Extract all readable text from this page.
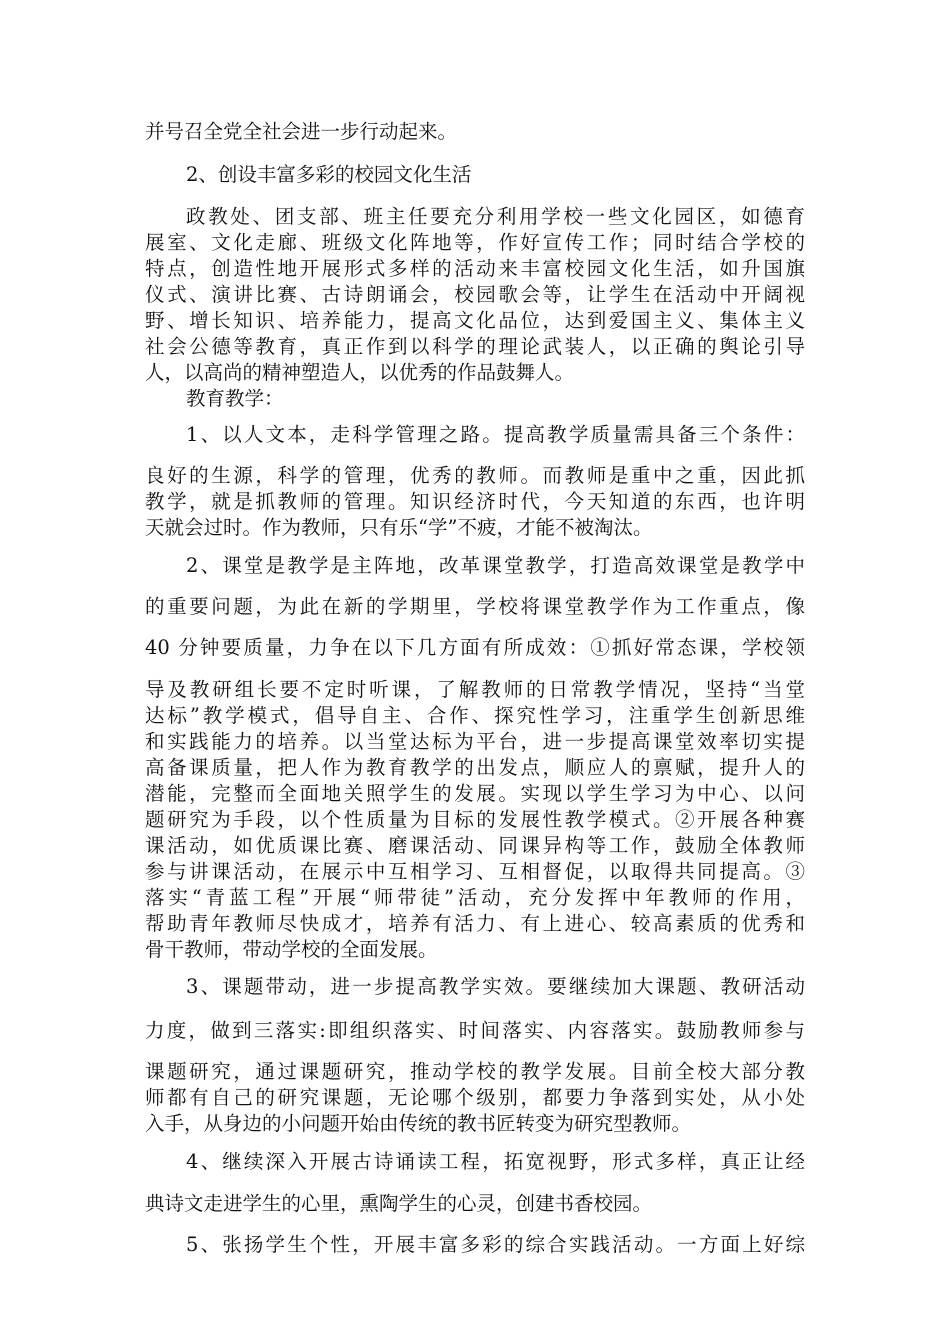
并号召全党全社会进一步行动起来。
2、创设丰富多彩的校园文化生活
政教处、团支部、班主任要充分利用学校一些文化园区，如德育
展室、文化走廊、班级文化阵地等，作好宣传工作；同时结合学校的
特点，创造性地开展形式多样的活动来丰富校园文化生活，如升国旗
仪式、演讲比赛、古诗朗诵会，校园歌会等，让学生在活动中开阔视
野、增长知识、培养能力，提高文化品位，达到爱国主义、集体主义
社会公德等教育，真正作到以科学的理论武装人，以正确的舆论引导
人，以高尚的精神塑造人，以优秀的作品鼓舞人。
教育教学：
1、以人文本，走科学管理之路。提高教学质量需具备三个条件：
良好的生源，科学的管理，优秀的教师。而教师是重中之重，因此抓
教学，就是抓教师的管理。知识经济时代，今天知道的东西，也许明
天就会过时。作为教师，只有乐“学”不疲，才能不被淘汰。
2、课堂是教学是主阵地，改革课堂教学，打造高效课堂是教学中
的重要问题，为此在新的学期里，学校将课堂教学作为工作重点，像
40 分钟要质量，力争在以下几方面有所成效：①抓好常态课，学校领
导及教研组长要不定时听课，了解教师的日常教学情况，坚持“当堂
达标”教学模式，倡导自主、合作、探究性学习，注重学生创新思维
和实践能力的培养。以当堂达标为平台，进一步提高课堂效率切实提
高备课质量，把人作为教育教学的出发点，顺应人的禀赋，提升人的
潜能，完整而全面地关照学生的发展。实现以学生学习为中心、以问
题研究为手段，以个性质量为目标的发展性教学模式。②开展各种赛
课活动，如优质课比赛、磨课活动、同课异构等工作，鼓励全体教师
参与讲课活动，在展示中互相学习、互相督促，以取得共同提高。③
落实“青蓝工程”开展“师带徒”活动，充分发挥中年教师的作用，
帮助青年教师尽快成才，培养有活力、有上进心、较高素质的优秀和
骨干教师，带动学校的全面发展。
3、课题带动，进一步提高教学实效。要继续加大课题、教研活动
力度，做到三落实:即组织落实、时间落实、内容落实。鼓励教师参与
课题研究，通过课题研究，推动学校的教学发展。目前全校大部分教
师都有自己的研究课题，无论哪个级别，都要力争落到实处，从小处
入手，从身边的小问题开始由传统的教书匠转变为研究型教师。
4、继续深入开展古诗诵读工程，拓宽视野，形式多样，真正让经
典诗文走进学生的心里，熏陶学生的心灵，创建书香校园。
5、张扬学生个性，开展丰富多彩的综合实践活动。一方面上好综
